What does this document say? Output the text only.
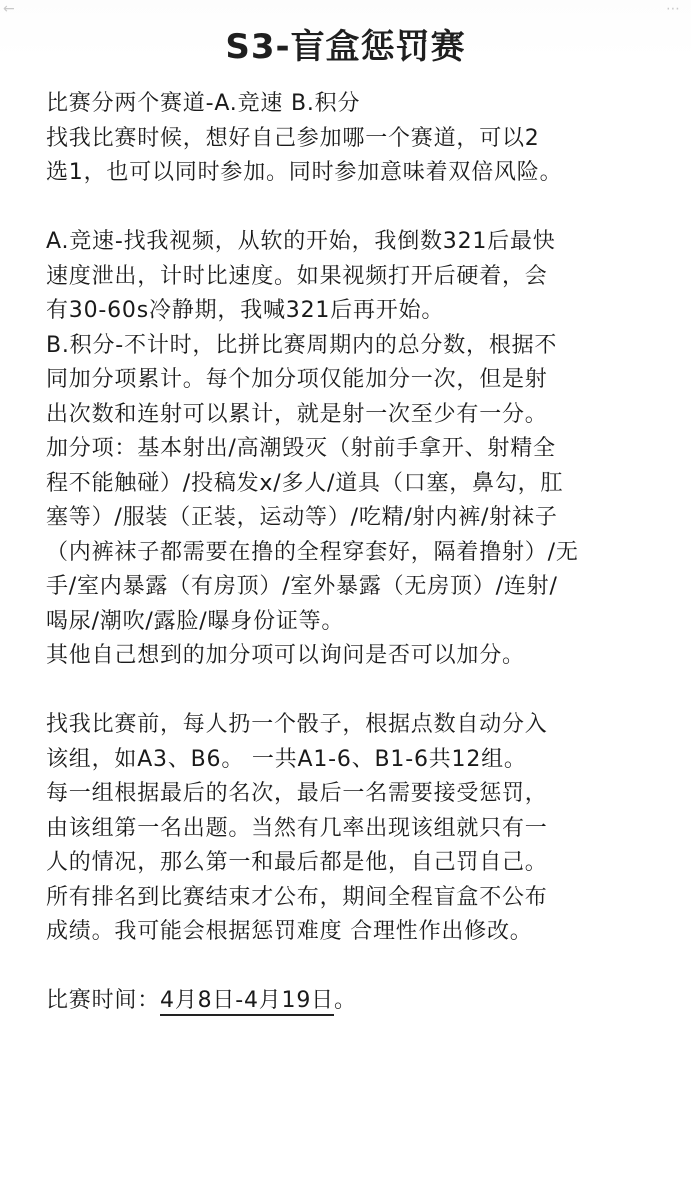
←	⋯
S3-盲盒惩罚赛
比赛分两个赛道-A.竞速 B.积分
找我比赛时候，想好自己参加哪一个赛道，可以2
选1，也可以同时参加。同时参加意味着双倍风险。
A.竞速-找我视频，从软的开始，我倒数321后最快
速度泄出，计时比速度。如果视频打开后硬着，会
有30-60s冷静期，我喊321后再开始。
B.积分-不计时，比拼比赛周期内的总分数，根据不
同加分项累计。每个加分项仅能加分一次，但是射
出次数和连射可以累计，就是射一次至少有一分。
加分项：基本射出/高潮毁灭（射前手拿开、射精全
程不能触碰）/投稿发x/多人/道具（口塞，鼻勾，肛
塞等）/服装（正装，运动等）/吃精/射内裤/射袜子
（内裤袜子都需要在撸的全程穿套好，隔着撸射）/无
手/室内暴露（有房顶）/室外暴露（无房顶）/连射/
喝尿/潮吹/露脸/曝身份证等。
其他自己想到的加分项可以询问是否可以加分。
找我比赛前，每人扔一个骰子，根据点数自动分入
该组，如A3、B6。 一共A1-6、B1-6共12组。
每一组根据最后的名次，最后一名需要接受惩罚，
由该组第一名出题。当然有几率出现该组就只有一
人的情况，那么第一和最后都是他，自己罚自己。
所有排名到比赛结束才公布，期间全程盲盒不公布
成绩。我可能会根据惩罚难度 合理性作出修改。
比赛时间：4月8日-4月19日。
